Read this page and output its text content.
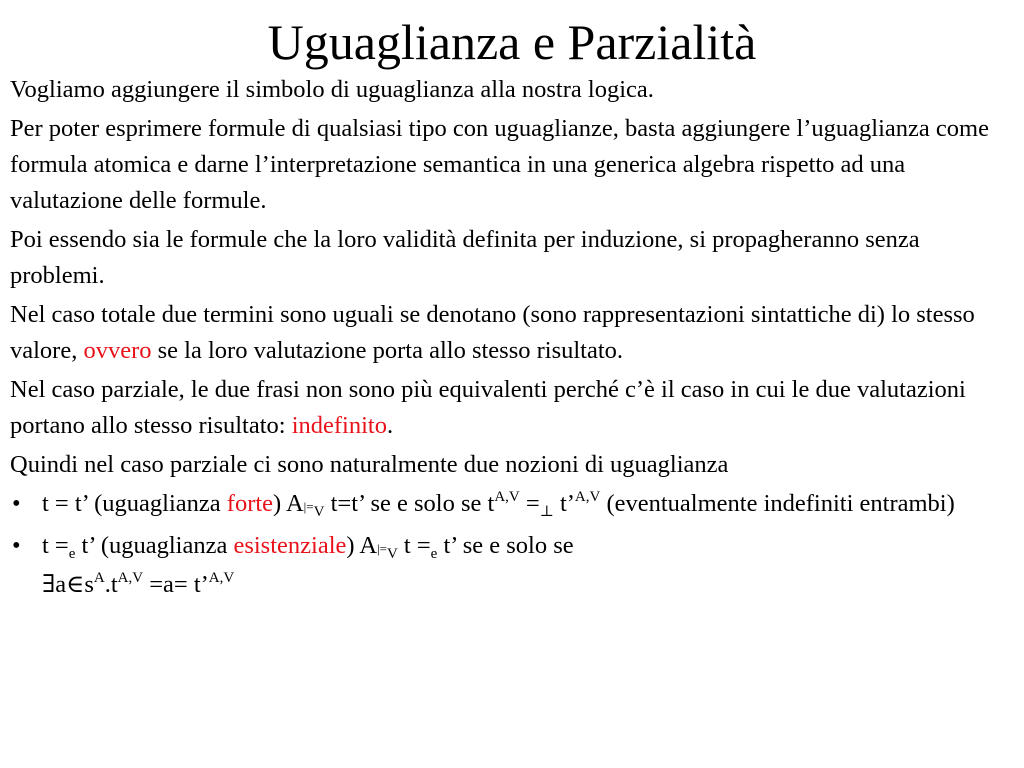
Uguaglianza e Parzialità

Vogliamo aggiungere il simbolo di uguaglianza alla nostra logica.

Per poter esprimere formule di qualsiasi tipo con uguaglianze, basta aggiungere l’uguaglianza come formula atomica e darne l’interpretazione semantica in una generica algebra rispetto ad una valutazione delle formule.

Poi essendo sia le formule che la loro validità definita per induzione, si propagheranno senza problemi.

Nel caso totale due termini sono uguali se denotano (sono rappresentazioni sintattiche di) lo stesso valore, ovvero se la loro valutazione porta allo stesso risultato.

Nel caso parziale, le due frasi non sono più equivalenti perché c’è il caso in cui le due valutazioni portano allo stesso risultato: indefinito.

Quindi nel caso parziale ci sono naturalmente due nozioni di uguaglianza

• t = t’ (uguaglianza forte) $A|=_V$ t=t’ se e solo se $t^{A,V} =_\perp$ t’$^{A,V}$ (eventualmente indefiniti entrambi)
• $t =_e$ t’ (uguaglianza esistenziale) $A|=_V$ $t =_e$ t’ se e solo se
$\exists a\in s^A.t^{A,V} =a=$ t’$^{A,V}$
